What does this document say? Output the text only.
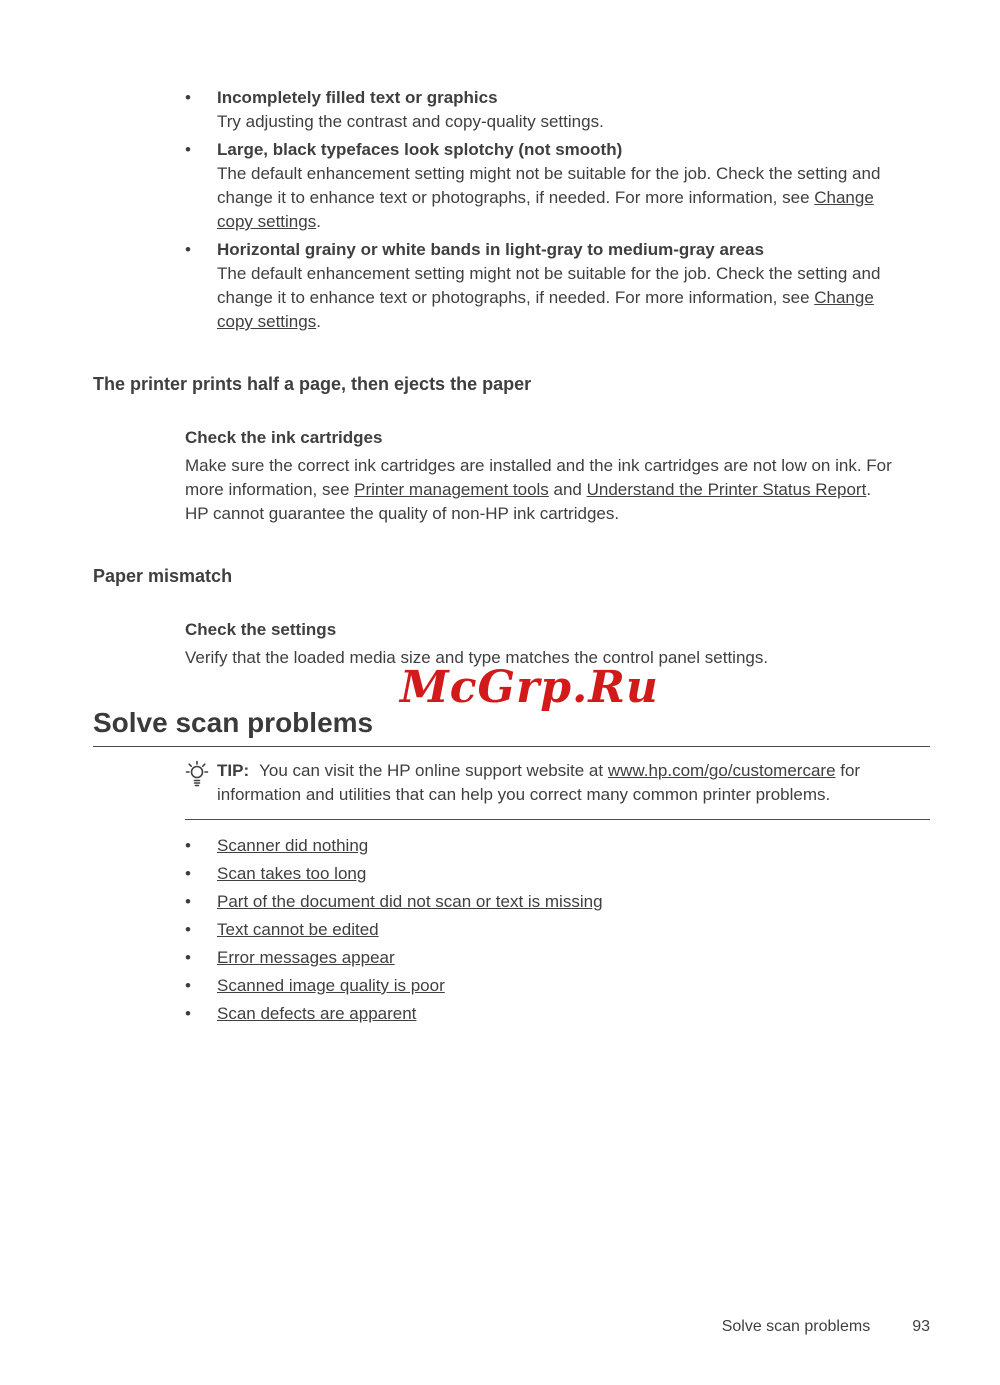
McGrp.Ru
•	Incompletely filled text or graphics
Try adjusting the contrast and copy-quality settings.
•	Large, black typefaces look splotchy (not smooth)
The default enhancement setting might not be suitable for the job. Check the setting and change it to enhance text or photographs, if needed. For more information, see Change copy settings.
•	Horizontal grainy or white bands in light-gray to medium-gray areas
The default enhancement setting might not be suitable for the job. Check the setting and change it to enhance text or photographs, if needed. For more information, see Change copy settings.
The printer prints half a page, then ejects the paper
Check the ink cartridges

Make sure the correct ink cartridges are installed and the ink cartridges are not low on ink. For more information, see Printer management tools and Understand the Printer Status Report.

HP cannot guarantee the quality of non-HP ink cartridges.

Paper mismatch
Check the settings

Verify that the loaded media size and type matches the control panel settings.

Solve scan problems

TIP: You can visit the HP online support website at www.hp.com/go/customercare for information and utilities that can help you correct many common printer problems.

•	Scanner did nothing
•	Scan takes too long
•	Part of the document did not scan or text is missing
•	Text cannot be edited
•	Error messages appear
•	Scanned image quality is poor
•	Scan defects are apparent
Solve scan problems	93
